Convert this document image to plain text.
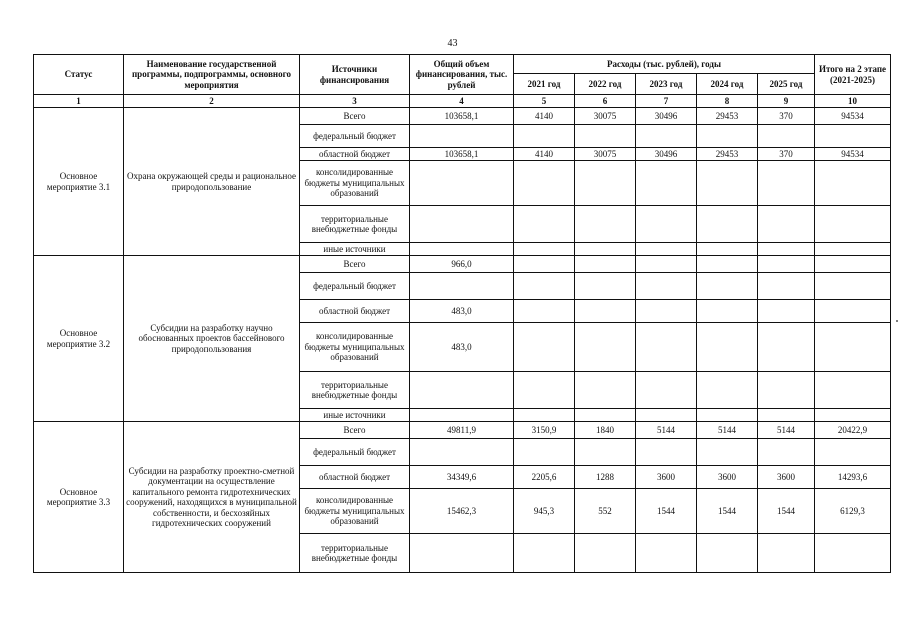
43
Статус	Наименование государственной программы, подпрограммы, основного мероприятия	Источники финансирования	Общий объем финансирования, тыс. рублей	Расходы (тыс. рублей), годы					Итого на 2 этапе (2021-2025)
				2021 год	2022 год	2023 год	2024 год	2025 год	
1	2	3	4	5	6	7	8	9	10
Основное мероприятие 3.1	Охрана окружающей среды и рациональное природопользование	Всего	103658,1	4140	30075	30496	29453	370	94534
		федеральный бюджет							
		областной бюджет	103658,1	4140	30075	30496	29453	370	94534
		консолидированные бюджеты муниципальных образований							
		территориальные внебюджетные фонды							
		иные источники							
Основное мероприятие 3.2	Субсидии на разработку научно обоснованных проектов бассейнового природопользования	Всего	966,0						
		федеральный бюджет							
		областной бюджет	483,0						
		консолидированные бюджеты муниципальных образований	483,0						
		территориальные внебюджетные фонды							
		иные источники							
Основное мероприятие 3.3	Субсидии на разработку проектно-сметной документации на осуществление капитального ремонта гидротехнических сооружений, находящихся в муниципальной собственности, и бесхозяйных гидротехнических сооружений	Всего	49811,9	3150,9	1840	5144	5144	5144	20422,9
		федеральный бюджет							
		областной бюджет	34349,6	2205,6	1288	3600	3600	3600	14293,6
		консолидированные бюджеты муниципальных образований	15462,3	945,3	552	1544	1544	1544	6129,3
		территориальные внебюджетные фонды							
